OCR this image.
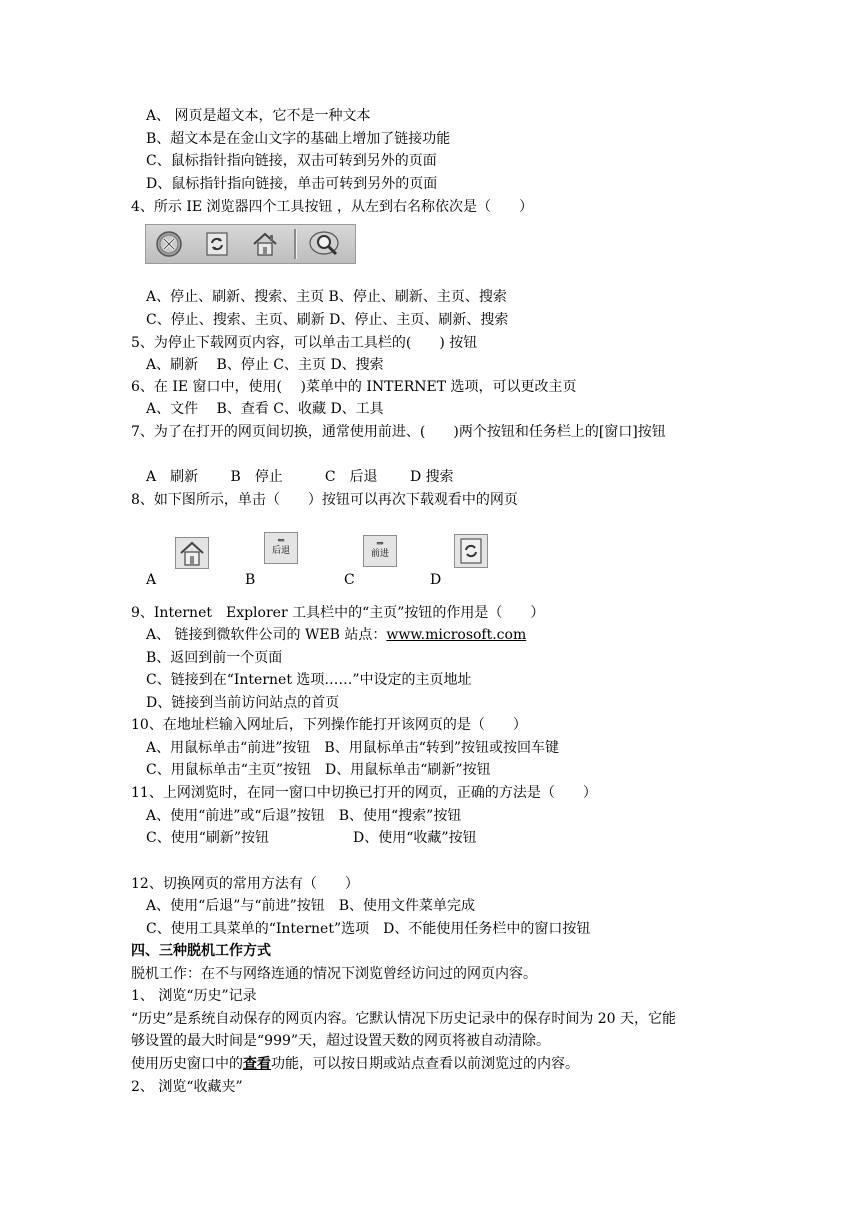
A、 网页是超文本，它不是一种文本
B、超文本是在金山文字的基础上增加了链接功能
C、鼠标指针指向链接，双击可转到另外的页面
D、鼠标指针指向链接，单击可转到另外的页面
4、所示 IE 浏览器四个工具按钮 ，从左到右名称依次是（　　）
A、停止、刷新、搜索、主页 B、停止、刷新、主页、搜索
C、停止、搜索、主页、刷新 D、停止、主页、刷新、搜索
5、为停止下载网页内容，可以单击工具栏的(　　) 按钮
A、刷新　 B、停止 C、主页 D、搜索
6、在 IE 窗口中，使用(　 )菜单中的 INTERNET 选项，可以更改主页
A、文件 　B、查看 C、收藏 D、工具
7、为了在打开的网页间切换，通常使用前进、(　　)两个按钮和任务栏上的[窗口]按钮
A　刷新　　 B　停止　　　C　后退　　 D 搜索
8、如下图所示，单击（　　）按钮可以再次下载观看中的网页
⇐
后退
⇒
前进
A	B	C	D
9、Internet　Explorer 工具栏中的“主页”按钮的作用是（　　）
A、 链接到微软件公司的 WEB 站点：www.microsoft.com
B、返回到前一个页面
C、链接到在“Internet 选项……”中设定的主页地址
D、链接到当前访问站点的首页
10、在地址栏输入网址后，下列操作能打开该网页的是（　　）
A、用鼠标单击“前进”按钮　B、用鼠标单击“转到”按钮或按回车键
C、用鼠标单击“主页”按钮　D、用鼠标单击“刷新”按钮
11、上网浏览时，在同一窗口中切换已打开的网页，正确的方法是（　　）
A、使用“前进”或“后退”按钮　B、使用“搜索”按钮
C、使用“刷新”按钮　　　　　　D、使用“收藏”按钮
12、切换网页的常用方法有（　　）
A、使用“后退”与“前进”按钮　B、使用文件菜单完成
C、使用工具菜单的“Internet”选项　D、不能使用任务栏中的窗口按钮
四、三种脱机工作方式
脱机工作：在不与网络连通的情况下浏览曾经访问过的网页内容。
1、 浏览“历史”记录
“历史”是系统自动保存的网页内容。它默认情况下历史记录中的保存时间为 20 天，它能
够设置的最大时间是“999”天，超过设置天数的网页将被自动清除。
使用历史窗口中的查看功能，可以按日期或站点查看以前浏览过的内容。
2、 浏览“收藏夹”
